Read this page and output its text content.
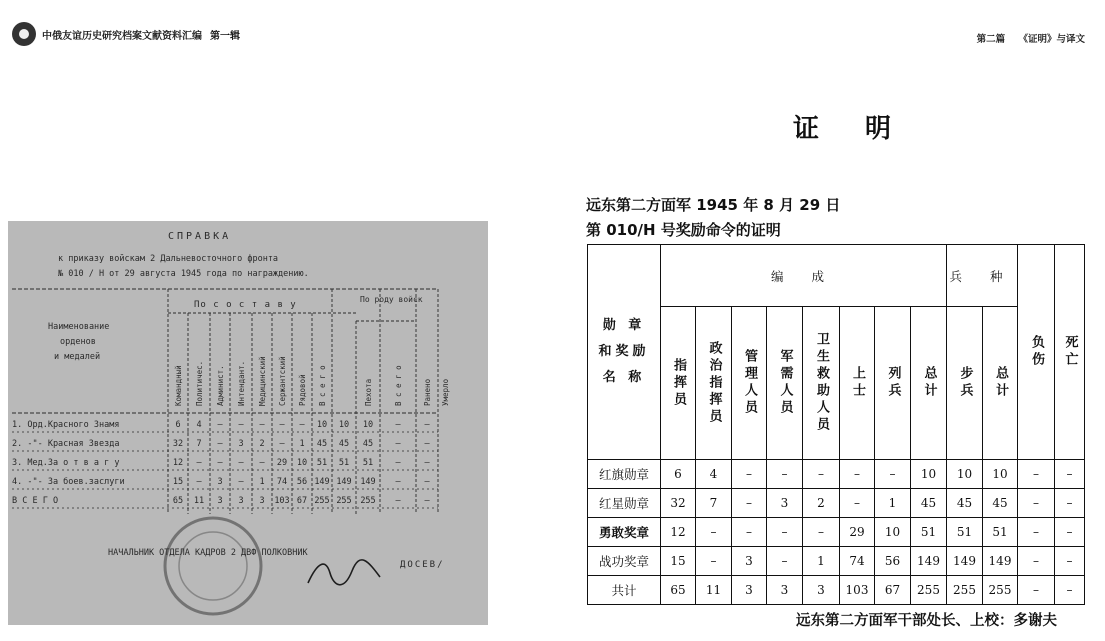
中俄友谊历史研究档案文献资料汇编 第一辑	第二篇 《证明》与译文
СПРАВКА
к приказу войскам 2 Дальневосточного фронта
№ 010 / Н от 29 августа 1945 года по награждению.
По с о с т а в у
По роду войск
Наименование
орденов
и медалей
Командный Политичес. Админист. Интендант. Медицинский Сержантский Рядовой В с е г о	Пехота	В с е г о	Ранено Умерло
1. Орд.Красного Знамя	6 4 – – – – – 10 10 10	–	–
2. -"- Красная Звезда	32 7 – 3 2 – 1 45 45 45	–	–
3. Мед.За о т в а г у	12 – – – – 29 10 51 51 51	–	–
4. -"- За боев.заслуги	15 – 3 – 1 74 56 149 149 149 –	–
В С Е Г О	65 11 3 3 3 103 67 255 255 255 –	–
НАЧАЛЬНИК ОТДЕЛА КАДРОВ 2 ДВФ ПОЛКОВНИК
ДОСЕВ/
证明
远东第二方面军 1945 年 8 月 29 日
第 010/H 号奖励命令的证明
勋 章
和奖励
名 称	编 成								兵 种		负伤	死亡

	指挥员	政治指挥员	管理人员	军需人员	卫生救助人员	上士	列兵	总计	步兵	总计		

红旗勋章	6	4	–	–	–	–	–	10	10	10	–	–
红星勋章	32	7	–	3	2	–	1	45	45	45	–	–
勇敢奖章	12	–	–	–	–	29	10	51	51	51	–	–
战功奖章	15	–	3	–	1	74	56	149	149	149	–	–
共计	65	11	3	3	3	103	67	255	255	255	–	–
远东第二方面军干部处长、上校：多谢夫
